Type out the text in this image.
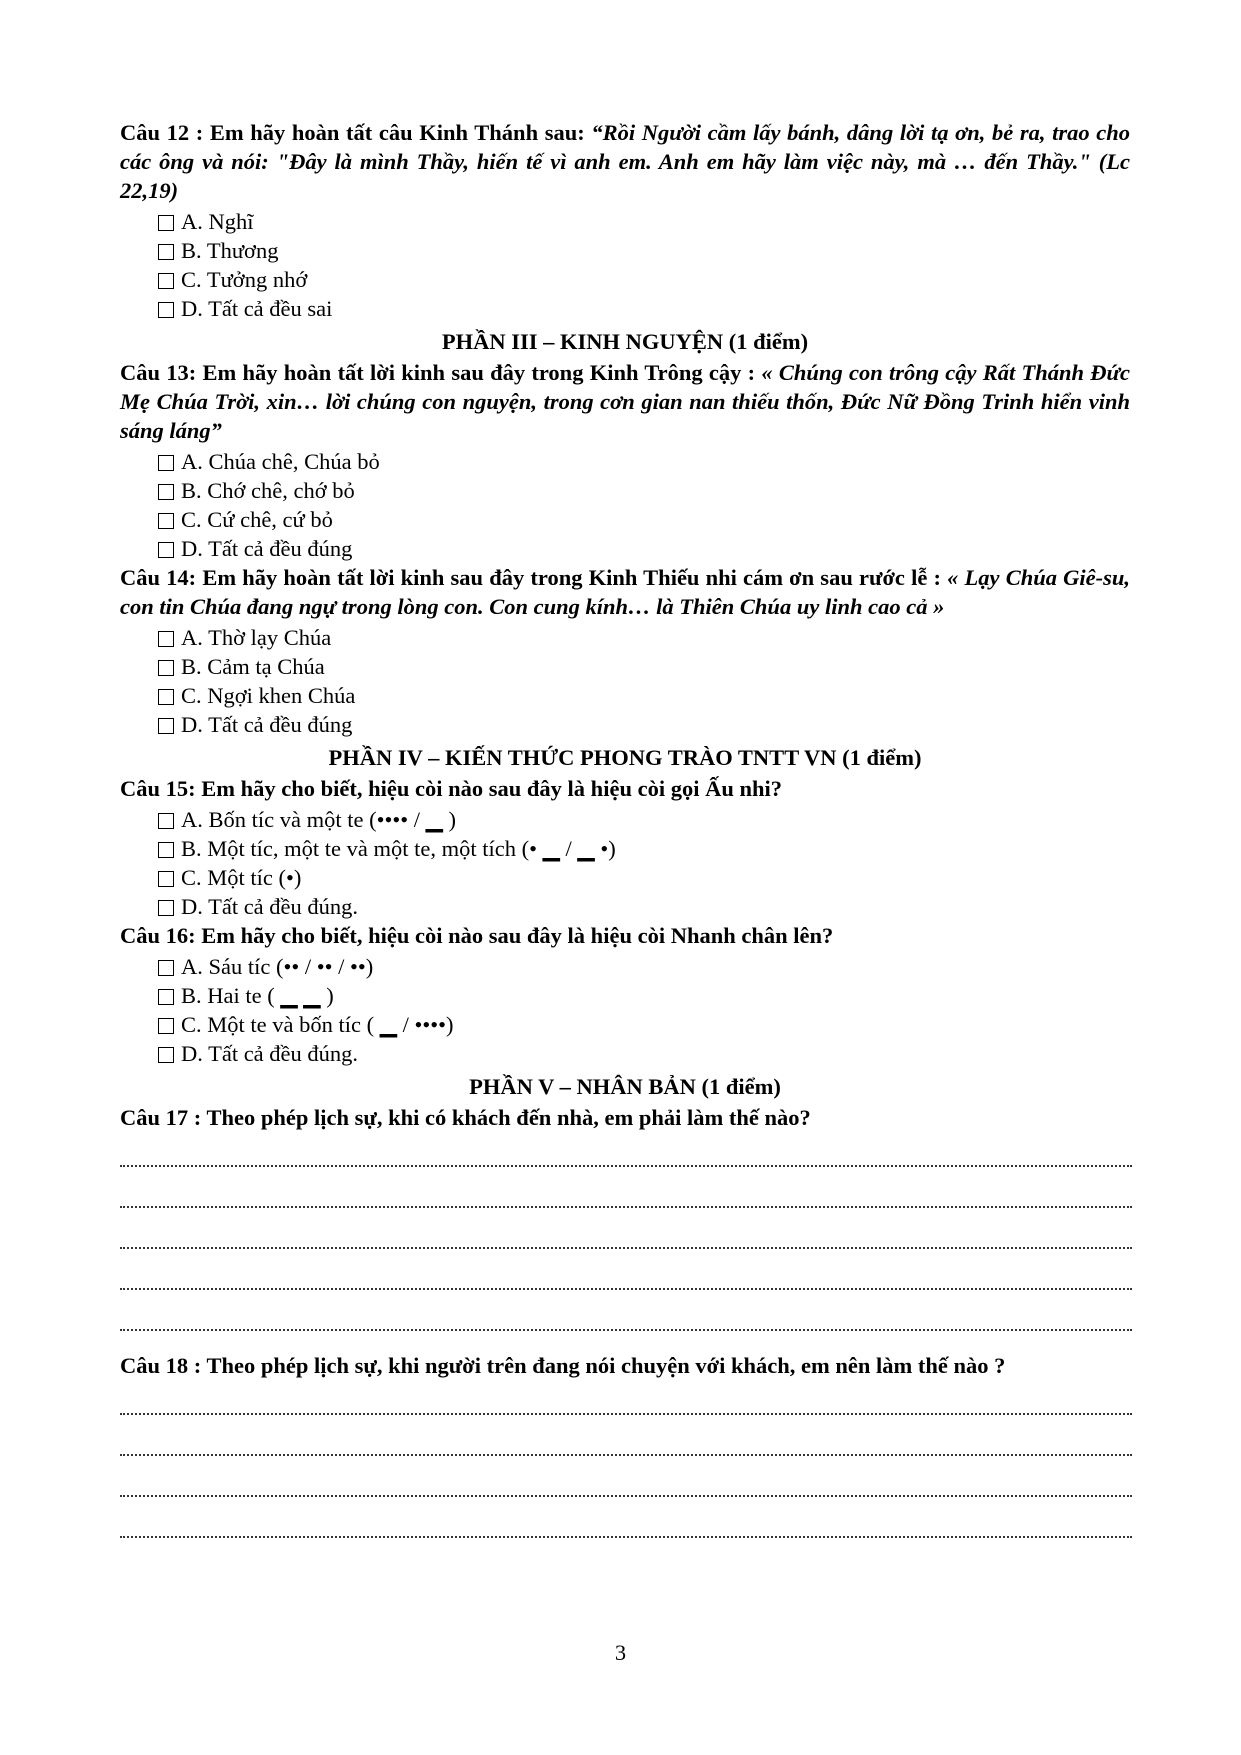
Câu 12 : Em hãy hoàn tất câu Kinh Thánh sau: “Rồi Người cầm lấy bánh, dâng lời tạ ơn, bẻ ra, trao cho các ông và nói: "Đây là mình Thầy, hiến tế vì anh em. Anh em hãy làm việc này, mà … đến Thầy." (Lc 22,19)

A. Nghĩ
B. Thương
C. Tưởng nhớ
D. Tất cả đều sai
PHẦN III – KINH NGUYỆN (1 điểm)

Câu 13: Em hãy hoàn tất lời kinh sau đây trong Kinh Trông cậy : « Chúng con trông cậy Rất Thánh Đức Mẹ Chúa Trời, xin… lời chúng con nguyện, trong cơn gian nan thiếu thốn, Đức Nữ Đồng Trinh hiển vinh sáng láng”

A. Chúa chê, Chúa bỏ
B. Chớ chê, chớ bỏ
C. Cứ chê, cứ bỏ
D. Tất cả đều đúng

Câu 14: Em hãy hoàn tất lời kinh sau đây trong Kinh Thiếu nhi cám ơn sau rước lễ : « Lạy Chúa Giê-su, con tin Chúa đang ngự trong lòng con. Con cung kính… là Thiên Chúa uy linh cao cả »

A. Thờ lạy Chúa
B. Cảm tạ Chúa
C. Ngợi khen Chúa
D. Tất cả đều đúng
PHẦN IV – KIẾN THỨC PHONG TRÀO TNTT VN (1 điểm)

Câu 15: Em hãy cho biết, hiệu còi nào sau đây là hiệu còi gọi Ấu nhi?

A. Bốn tíc và một te (•••• / ▁ )
B. Một tíc, một te và một te, một tích (• ▁ / ▁ •)
C. Một tíc (•)
D. Tất cả đều đúng.

Câu 16: Em hãy cho biết, hiệu còi nào sau đây là hiệu còi Nhanh chân lên?

A. Sáu tíc (•• / •• / ••)
B. Hai te ( ▁ ▁ )
C. Một te và bốn tíc ( ▁ / ••••)
D. Tất cả đều đúng.
PHẦN V – NHÂN BẢN (1 điểm)

Câu 17 : Theo phép lịch sự, khi có khách đến nhà, em phải làm thế nào?

Câu 18 : Theo phép lịch sự, khi người trên đang nói chuyện với khách, em nên làm thế nào ?

3
